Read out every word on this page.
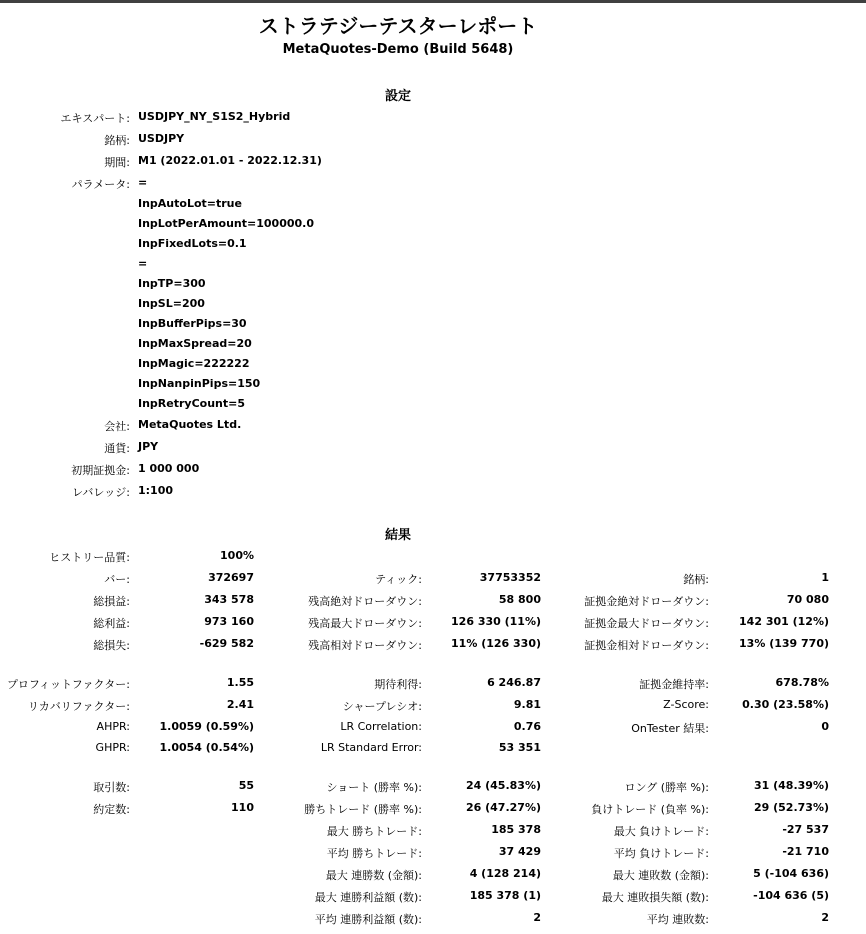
ストラテジーテスターレポート
MetaQuotes-Demo (Build 5648)
設定
エキスパート: USDJPY_NY_S1S2_Hybrid
銘柄: USDJPY
期間: M1 (2022.01.01 - 2022.12.31)
パラメータ: =
InpAutoLot=true
InpLotPerAmount=100000.0
InpFixedLots=0.1
=
InpTP=300
InpSL=200
InpBufferPips=30
InpMaxSpread=20
InpMagic=222222
InpNanpinPips=150
InpRetryCount=5
会社: MetaQuotes Ltd.
通貨: JPY
初期証拠金: 1 000 000
レバレッジ: 1:100
結果
ヒストリー品質:	100%
バー:	372697	ティック:	37753352	銘柄:	1
総損益:	343 578	残高絶対ドローダウン:	58 800	証拠金絶対ドローダウン:	70 080
総利益:	973 160	残高最大ドローダウン:	126 330 (11%)	証拠金最大ドローダウン:	142 301 (12%)
総損失:	-629 582	残高相対ドローダウン:	11% (126 330)	証拠金相対ドローダウン:	13% (139 770)
プロフィットファクター:	1.55	期待利得:	6 246.87	証拠金維持率:	678.78%
リカバリファクター:	2.41	シャープレシオ:	9.81	Z-Score:	0.30 (23.58%)
AHPR:	1.0059 (0.59%)	LR Correlation:	0.76	OnTester 結果:	0
GHPR:	1.0054 (0.54%)	LR Standard Error:	53 351
取引数:	55	ショート (勝率 %):	24 (45.83%)	ロング (勝率 %):	31 (48.39%)
約定数:	110	勝ちトレード (勝率 %):	26 (47.27%)	負けトレード (負率 %):	29 (52.73%)
最大 勝ちトレード:	185 378	最大 負けトレード:	-27 537
平均 勝ちトレード:	37 429	平均 負けトレード:	-21 710
最大 連勝数 (金額):	4 (128 214)	最大 連敗数 (金額):	5 (-104 636)
最大 連勝利益額 (数):	185 378 (1)	最大 連敗損失額 (数):	-104 636 (5)
平均 連勝利益額 (数):	2	平均 連敗数:	2
